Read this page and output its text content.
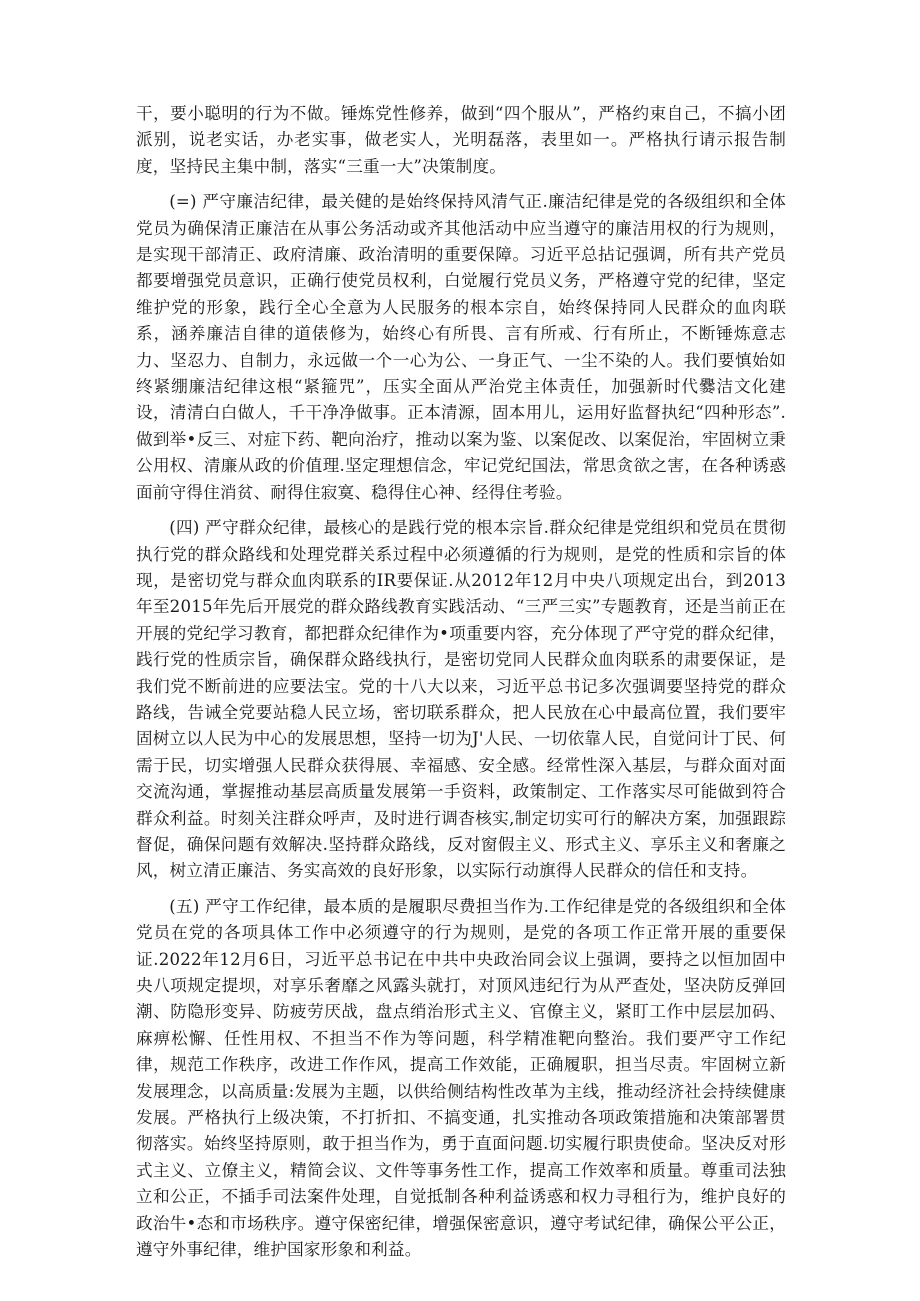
干，要小聪明的行为不做。锤炼党性修养，做到“四个服从”，严格约束自己，不搞小团派别，说老实话，办老实事，做老实人，光明磊落，表里如一。严格执行请示报告制度，坚持民主集中制，落实“三重一大”决策制度。

(=) 严守廉洁纪律，最关健的是始终保持风清气正.廉洁纪律是党的各级组织和全体党员为确保清正廉洁在从事公务活动或齐其他活动中应当遵守的廉洁用权的行为规则，是实现干部清正、政府清廉、政治清明的重要保障。习近平总拈记强调，所有共产党员都要增强党员意识，正确行使党员权利，白觉履行党员义务，严格遵守党的纪律，坚定维护党的形象，践行全心全意为人民服务的根本宗自，始终保持同人民群众的血肉联系，涵养廉洁自律的道俵修为，始终心有所畏、言有所戒、行有所止，不断锤炼意志力、坚忍力、自制力，永远做一个一心为公、一身正气、一尘不染的人。我们要慎始如终紧绷廉洁纪律这根“紧箍咒”，压实全面从严治党主体责任，加强新时代爨洁文化建设，清清白白做人，千干净净做事。正本清源，固本用儿，运用好监督执纪“四种形态”.做到举•反三、对症下药、靶向治疗，推动以案为鉴、以案促改、以案促治，牢固树立秉公用权、清廉从政的价值理.坚定理想信念，牢记党纪国法，常思贪欲之害，在各种诱惑面前守得住消贫、耐得住寂寞、稳得住心神、经得住考验。

(四) 严守群众纪律，最核心的是践行党的根本宗旨.群众纪律是党组织和党员在贯彻执行党的群众路线和处理党群关系过程中必须遵循的行为规则，是党的性质和宗旨的体现，是密切党与群众血肉联系的IR要保证.从2012年12月中央八项规定出台，到2013年至2015年先后开展党的群众路线教育实践活动、“三严三实”专题教育，还是当前正在开展的党纪学习教育，都把群众纪律作为•项重要内容，充分体现了严守党的群众纪律，践行党的性质宗旨，确保群众路线执行，是密切党同人民群众血肉联系的肃要保证，是我们党不断前进的应要法宝。党的十八大以来，习近平总书记多次强调要坚持党的群众路线，告诫全党要站稳人民立场，密切联系群众，把人民放在心中最高位置，我们要牢固树立以人民为中心的发展思想，坚持一切为J'人民、一切依靠人民，自觉问计丁民、何需于民，切实增强人民群众获得展、幸福感、安全感。经常性深入基层，与群众面对面交流沟通，掌握推动基层高质量发展第一手资料，政策制定、工作落实尽可能做到符合群众利益。时刻关注群众呼声，及时进行调杳核实,制定切实可行的解决方案，加强跟踪督促，确保问题有效解决.坚持群众路线，反对窗假主义、形式主义、享乐主义和奢廉之风，树立清正廉洁、务实高效的良好形象，以实际行动旗得人民群众的信任和支持。

(五) 严守工作纪律，最本质的是履职尽费担当作为.工作纪律是党的各级组织和全体党员在党的各项具体工作中必须遵守的行为规则，是党的各项工作正常开展的重要保证.2022年12月6日，习近平总书记在中共中央政治同会议上强调，要持之以恒加固中央八项规定提坝，对享乐奢靡之风露头就打，对顶风违纪行为从严查处，坚决防反弹回潮、防隐形变异、防疲劳厌战，盘点绡治形式主义、官僚主义，紧盯工作中层层加码、麻痹松懈、任性用权、不担当不作为等问题，科学精准靶向整治。我们要严守工作纪律，规范工作秩序，改进工作作风，提高工作效能，正确履职，担当尽责。牢固树立新发展理念，以高质量:发展为主题，以供给侧结构性改革为主线，推动经济社会持续健康发展。严格执行上级决策，不打折扣、不搞变通，扎实推动各项政策措施和决策部署贯彻落实。始终坚持原则，敢于担当作为，勇于直面问题.切实履行职贵使命。坚决反对形式主义、立僚主义，精简会议、文件等事务性工作，提高工作效率和质量。尊重司法独立和公正，不插手司法案件处理，自觉抵制各种利益诱惑和权力寻租行为，维护良好的政治牛•态和市场秩序。遵守保密纪律，增强保密意识，遵守考试纪律，确保公平公正，遵守外事纪律，维护国家形象和利益。
